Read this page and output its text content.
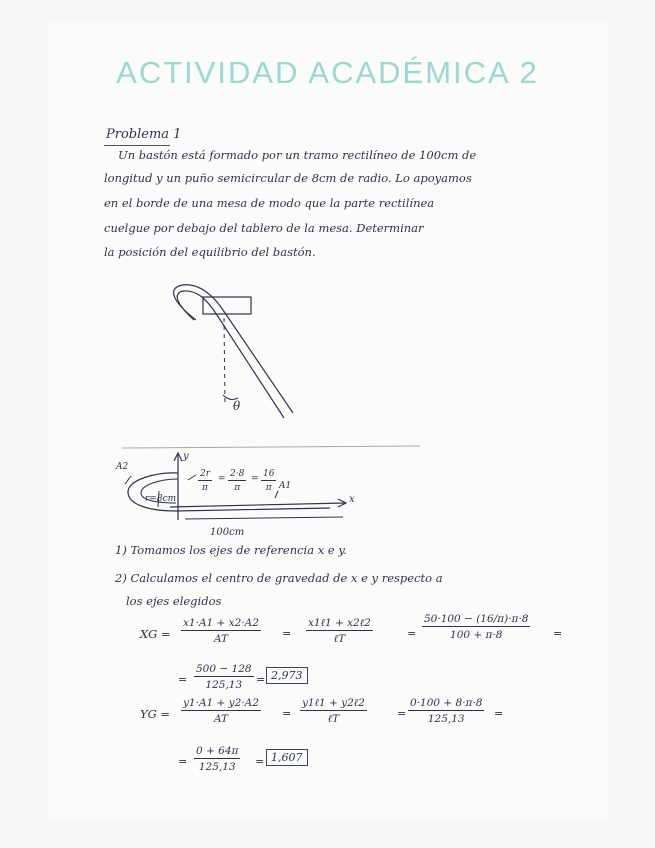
ACTIVIDAD ACADÉMICA 2
Problema 1
Un bastón está formado por un tramo rectilíneo de 100cm de
longitud y un puño semicircular de 8cm de radio. Lo apoyamos
en el borde de una mesa de modo que la parte rectilínea
cuelgue por debajo del tablero de la mesa. Determinar
la posición del equilibrio del bastón.
θ
y
x
A2
A1
r=8cm
100cm
$\frac{2r}{\pi} = \frac{2\cdot 8}{\pi} = \frac{16}{\pi}$
1) Tomamos los ejes de referencia x e y.
2) Calculamos el centro de gravedad de x e y respecto a
los ejes elegidos
XG = $\frac{x1\cdot A1 + x2\cdot A2}{AT}$ =
x1ℓ1 + x2ℓ2
ℓT	= $\frac{50\cdot 100 - (16/\pi)\cdot\pi\cdot 8}{100 + \pi\cdot 8}$ =
= $\frac{500 - 128}{125,13} = 2,973$
YG = $\frac{y1\cdot A1 + y2\cdot A2}{AT}$ =
y1ℓ1 + y2ℓ2
ℓT	= $\frac{0\cdot 100 + 8\cdot\pi\cdot 8}{125,13}$ =
= $\frac{0 + 64\pi}{125,13} = 1,607$
